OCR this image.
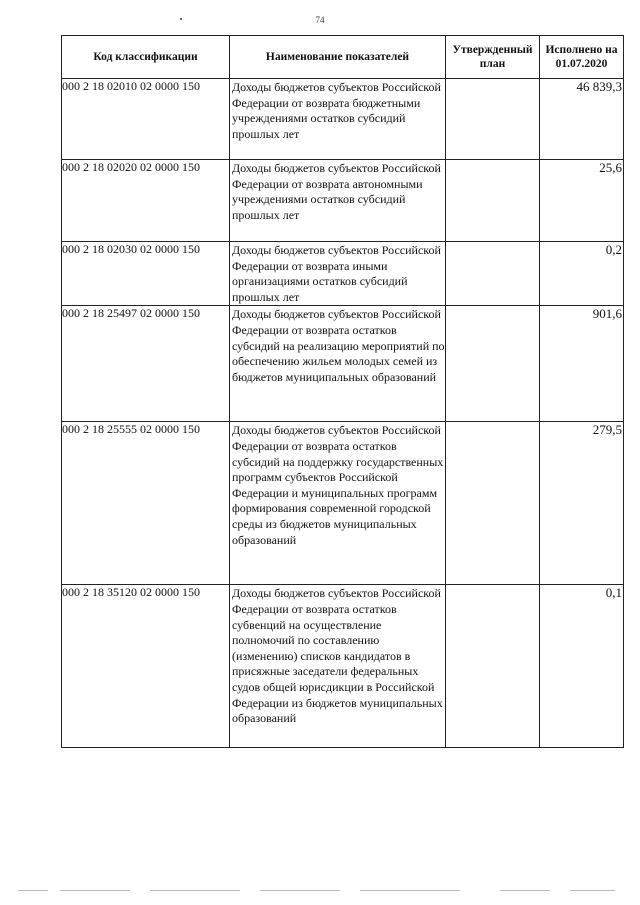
74
Код классификации	Наименование показателей	Утвержденный план	Исполнено на 01.07.2020
000 2 18 02010 02 0000 150	Доходы бюджетов субъектов Российской Федерации от возврата бюджетными учреждениями остатков субсидий прошлых лет		46 839,3
000 2 18 02020 02 0000 150	Доходы бюджетов субъектов Российской Федерации от возврата автономными учреждениями остатков субсидий прошлых лет		25,6
000 2 18 02030 02 0000 150	Доходы бюджетов субъектов Российской Федерации от возврата иными организациями остатков субсидий прошлых лет		0,2
000 2 18 25497 02 0000 150	Доходы бюджетов субъектов Российской Федерации от возврата остатков субсидий на реализацию мероприятий по обеспечению жильем молодых семей из бюджетов муниципальных образований		901,6
000 2 18 25555 02 0000 150	Доходы бюджетов субъектов Российской Федерации от возврата остатков субсидий на поддержку государственных программ субъектов Российской Федерации и муниципальных программ формирования современной городской среды из бюджетов муниципальных образований		279,5
000 2 18 35120 02 0000 150	Доходы бюджетов субъектов Российской Федерации от возврата остатков субвенций на осуществление полномочий по составлению (изменению) списков кандидатов в присяжные заседатели федеральных судов общей юрисдикции в Российской Федерации из бюджетов муниципальных образований		0,1
